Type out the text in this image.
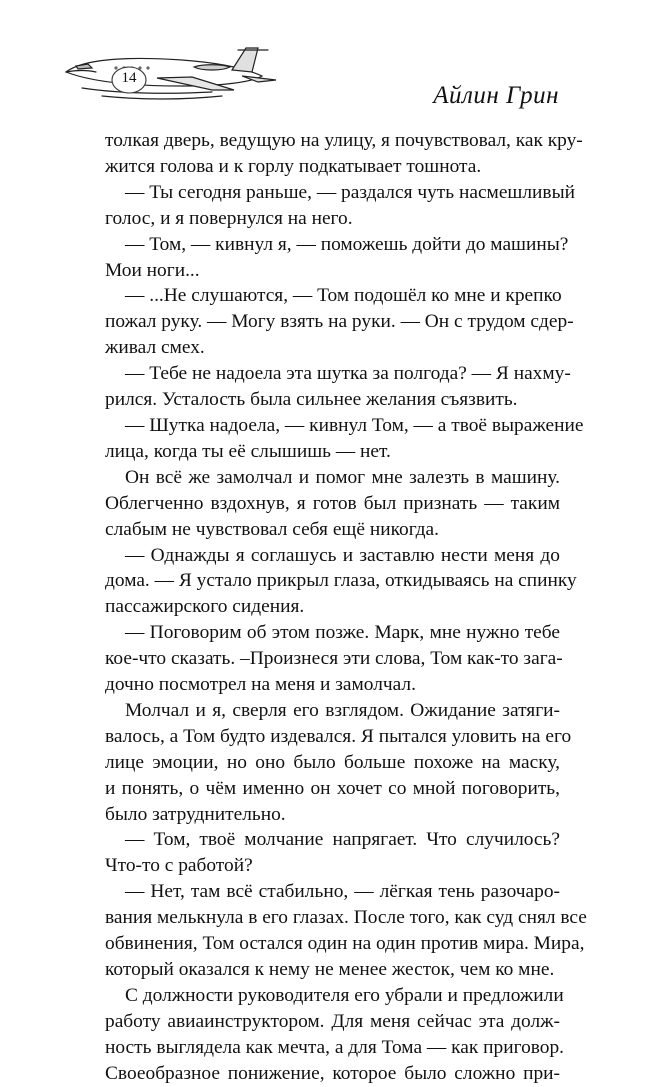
14
Айлин Грин
толкая дверь, ведущую на улицу, я почувствовал, как кру-
жится голова и к горлу подкатывает тошнота.
— Ты сегодня раньше, — раздался чуть насмешливый
голос, и я повернулся на него.
— Том, — кивнул я, — поможешь дойти до машины?
Мои ноги...
— ...Не слушаются, — Том подошёл ко мне и крепко
пожал руку. — Могу взять на руки. — Он с трудом сдер-
живал смех.
— Тебе не надоела эта шутка за полгода? — Я нахму-
рился. Усталость была сильнее желания съязвить.
— Шутка надоела, — кивнул Том, — а твоё выражение
лица, когда ты её слышишь — нет.
Он всё же замолчал и помог мне залезть в машину.
Облегченно вздохнув, я готов был признать — таким
слабым не чувствовал себя ещё никогда.
— Однажды я соглашусь и заставлю нести меня до
дома. — Я устало прикрыл глаза, откидываясь на спинку
пассажирского сидения.
— Поговорим об этом позже. Марк, мне нужно тебе
кое-что сказать. –Произнеся эти слова, Том как-то зага-
дочно посмотрел на меня и замолчал.
Молчал и я, сверля его взглядом. Ожидание затяги-
валось, а Том будто издевался. Я пытался уловить на его
лице эмоции, но оно было больше похоже на маску,
и понять, о чём именно он хочет со мной поговорить,
было затруднительно.
— Том, твоё молчание напрягает. Что случилось?
Что-то с работой?
— Нет, там всё стабильно, — лёгкая тень разочаро-
вания мелькнула в его глазах. После того, как суд снял все
обвинения, Том остался один на один против мира. Мира,
который оказался к нему не менее жесток, чем ко мне.
С должности руководителя его убрали и предложили
работу авиаинструктором. Для меня сейчас эта долж-
ность выглядела как мечта, а для Тома — как приговор.
Своеобразное понижение, которое было сложно при-
